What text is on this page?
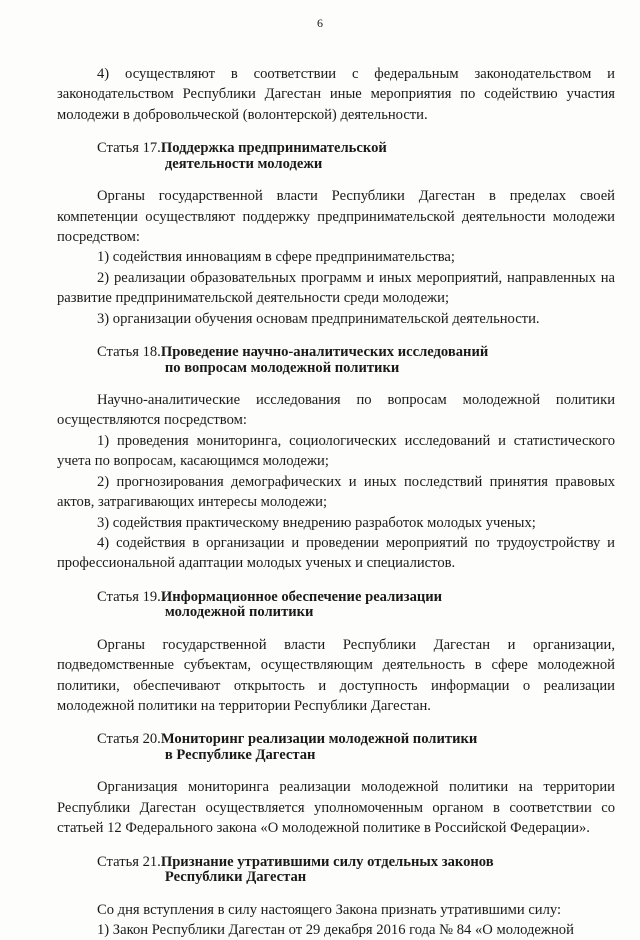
6

4) осуществляют в соответствии с федеральным законодательством и законодательством Республики Дагестан иные мероприятия по содействию участия молодежи в добровольческой (волонтерской) деятельности.

Статья 17. Поддержка предпринимательской
деятельности молодежи

Органы государственной власти Республики Дагестан в пределах своей компетенции осуществляют поддержку предпринимательской деятельности молодежи посредством:

1) содействия инновациям в сфере предпринимательства;

2) реализации образовательных программ и иных мероприятий, направленных на развитие предпринимательской деятельности среди молодежи;

3) организации обучения основам предпринимательской деятельности.

Статья 18. Проведение научно-аналитических исследований
по вопросам молодежной политики

Научно-аналитические исследования по вопросам молодежной политики осуществляются посредством:

1) проведения мониторинга, социологических исследований и статистического учета по вопросам, касающимся молодежи;

2) прогнозирования демографических и иных последствий принятия правовых актов, затрагивающих интересы молодежи;

3) содействия практическому внедрению разработок молодых ученых;

4) содействия в организации и проведении мероприятий по трудоустройству и профессиональной адаптации молодых ученых и специалистов.

Статья 19. Информационное обеспечение реализации
молодежной политики

Органы государственной власти Республики Дагестан и организации, подведомственные субъектам, осуществляющим деятельность в сфере молодежной политики, обеспечивают открытость и доступность информации о реализации молодежной политики на территории Республики Дагестан.

Статья 20. Мониторинг реализации молодежной политики
в Республике Дагестан

Организация мониторинга реализации молодежной политики на территории Республики Дагестан осуществляется уполномоченным органом в соответствии со статьей 12 Федерального закона «О молодежной политике в Российской Федерации».

Статья 21. Признание утратившими силу отдельных законов
Республики Дагестан

Со дня вступления в силу настоящего Закона признать утратившими силу:

1) Закон Республики Дагестан от 29 декабря 2016 года № 84 «О молодежной
